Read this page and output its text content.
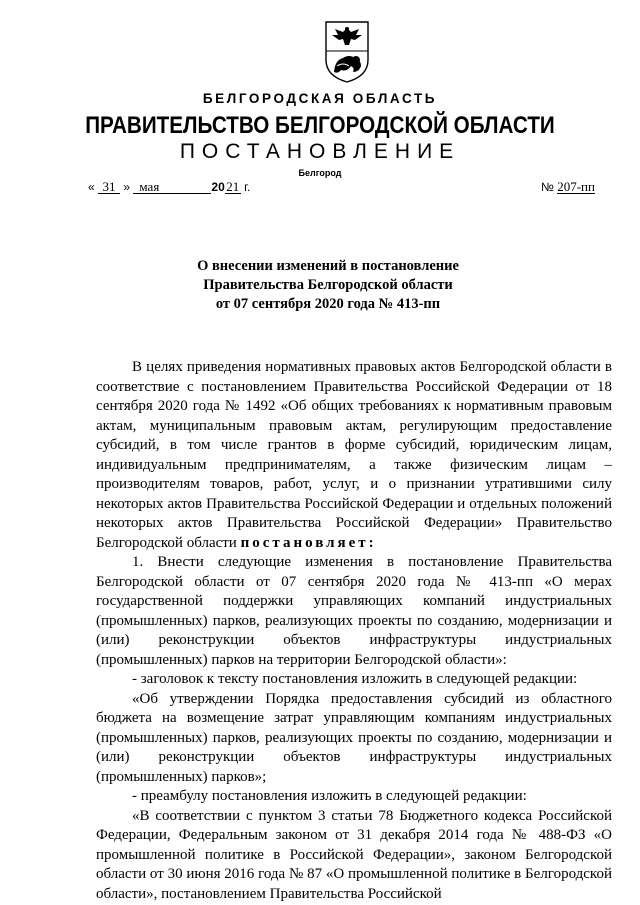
БЕЛГОРОДСКАЯ ОБЛАСТЬ
ПРАВИТЕЛЬСТВО БЕЛГОРОДСКОЙ ОБЛАСТИ
ПОСТАНОВЛЕНИЕ
Белгород
« 31 » мая	20 21 г.	№ 207-пп
О внесении изменений в постановление
Правительства Белгородской области
от 07 сентября 2020 года № 413-пп

В целях приведения нормативных правовых актов Белгородской области в соответствие с постановлением Правительства Российской Федерации от 18 сентября 2020 года № 1492 «Об общих требованиях к нормативным правовым актам, муниципальным правовым актам, регулирующим предоставление субсидий, в том числе грантов в форме субсидий, юридическим лицам, индивидуальным предпринимателям, а также физическим лицам – производителям товаров, работ, услуг, и о признании утратившими силу некоторых актов Правительства Российской Федерации и отдельных положений некоторых актов Правительства Российской Федерации» Правительство Белгородской области постановляет:

1. Внести следующие изменения в постановление Правительства Белгородской области от 07 сентября 2020 года № 413-пп «О мерах государственной поддержки управляющих компаний индустриальных (промышленных) парков, реализующих проекты по созданию, модернизации и (или) реконструкции объектов инфраструктуры индустриальных (промышленных) парков на территории Белгородской области»:

- заголовок к тексту постановления изложить в следующей редакции:

«Об утверждении Порядка предоставления субсидий из областного бюджета на возмещение затрат управляющим компаниям индустриальных (промышленных) парков, реализующих проекты по созданию, модернизации и (или) реконструкции объектов инфраструктуры индустриальных (промышленных) парков»;

- преамбулу постановления изложить в следующей редакции:

«В соответствии с пунктом 3 статьи 78 Бюджетного кодекса Российской Федерации, Федеральным законом от 31 декабря 2014 года № 488-ФЗ «О промышленной политике в Российской Федерации», законом Белгородской области от 30 июня 2016 года № 87 «О промышленной политике в Белгородской области», постановлением Правительства Российской
